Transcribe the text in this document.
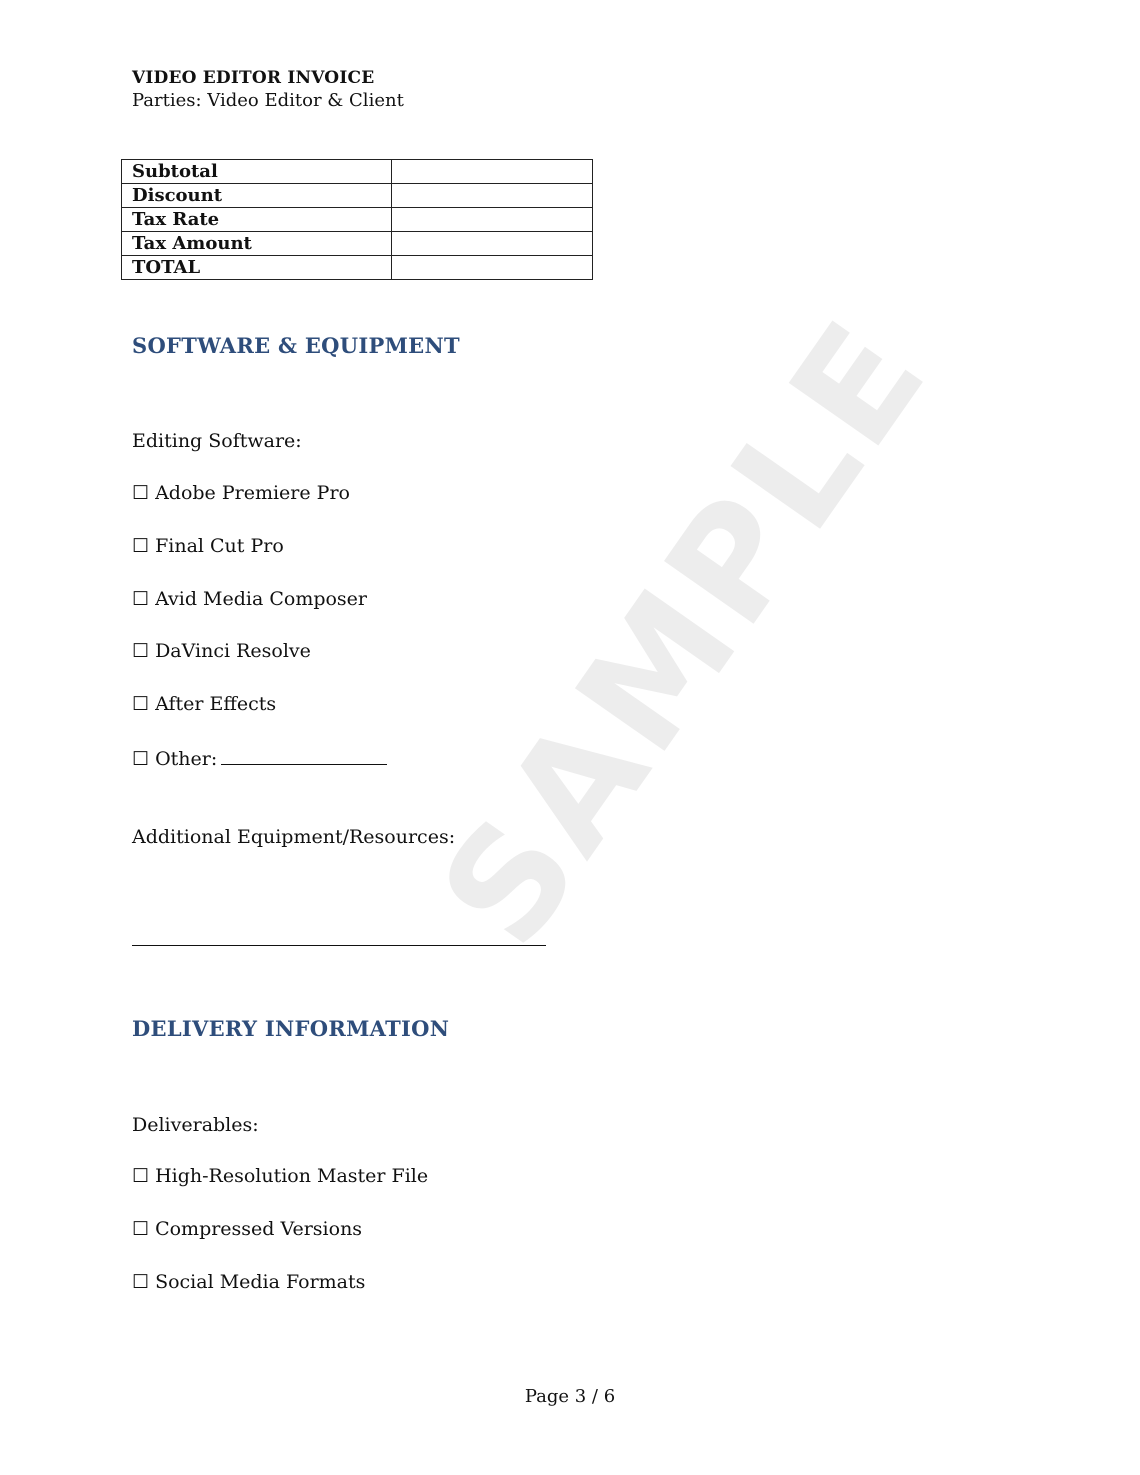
SAMPLE
VIDEO EDITOR INVOICE
Parties: Video Editor & Client
Subtotal	
Discount	
Tax Rate	
Tax Amount	
TOTAL	
SOFTWARE & EQUIPMENT
Editing Software:
☐ Adobe Premiere Pro
☐ Final Cut Pro
☐ Avid Media Composer
☐ DaVinci Resolve
☐ After Effects
☐ Other:
Additional Equipment/Resources:
DELIVERY INFORMATION
Deliverables:
☐ High-Resolution Master File
☐ Compressed Versions
☐ Social Media Formats
Page 3 / 6
